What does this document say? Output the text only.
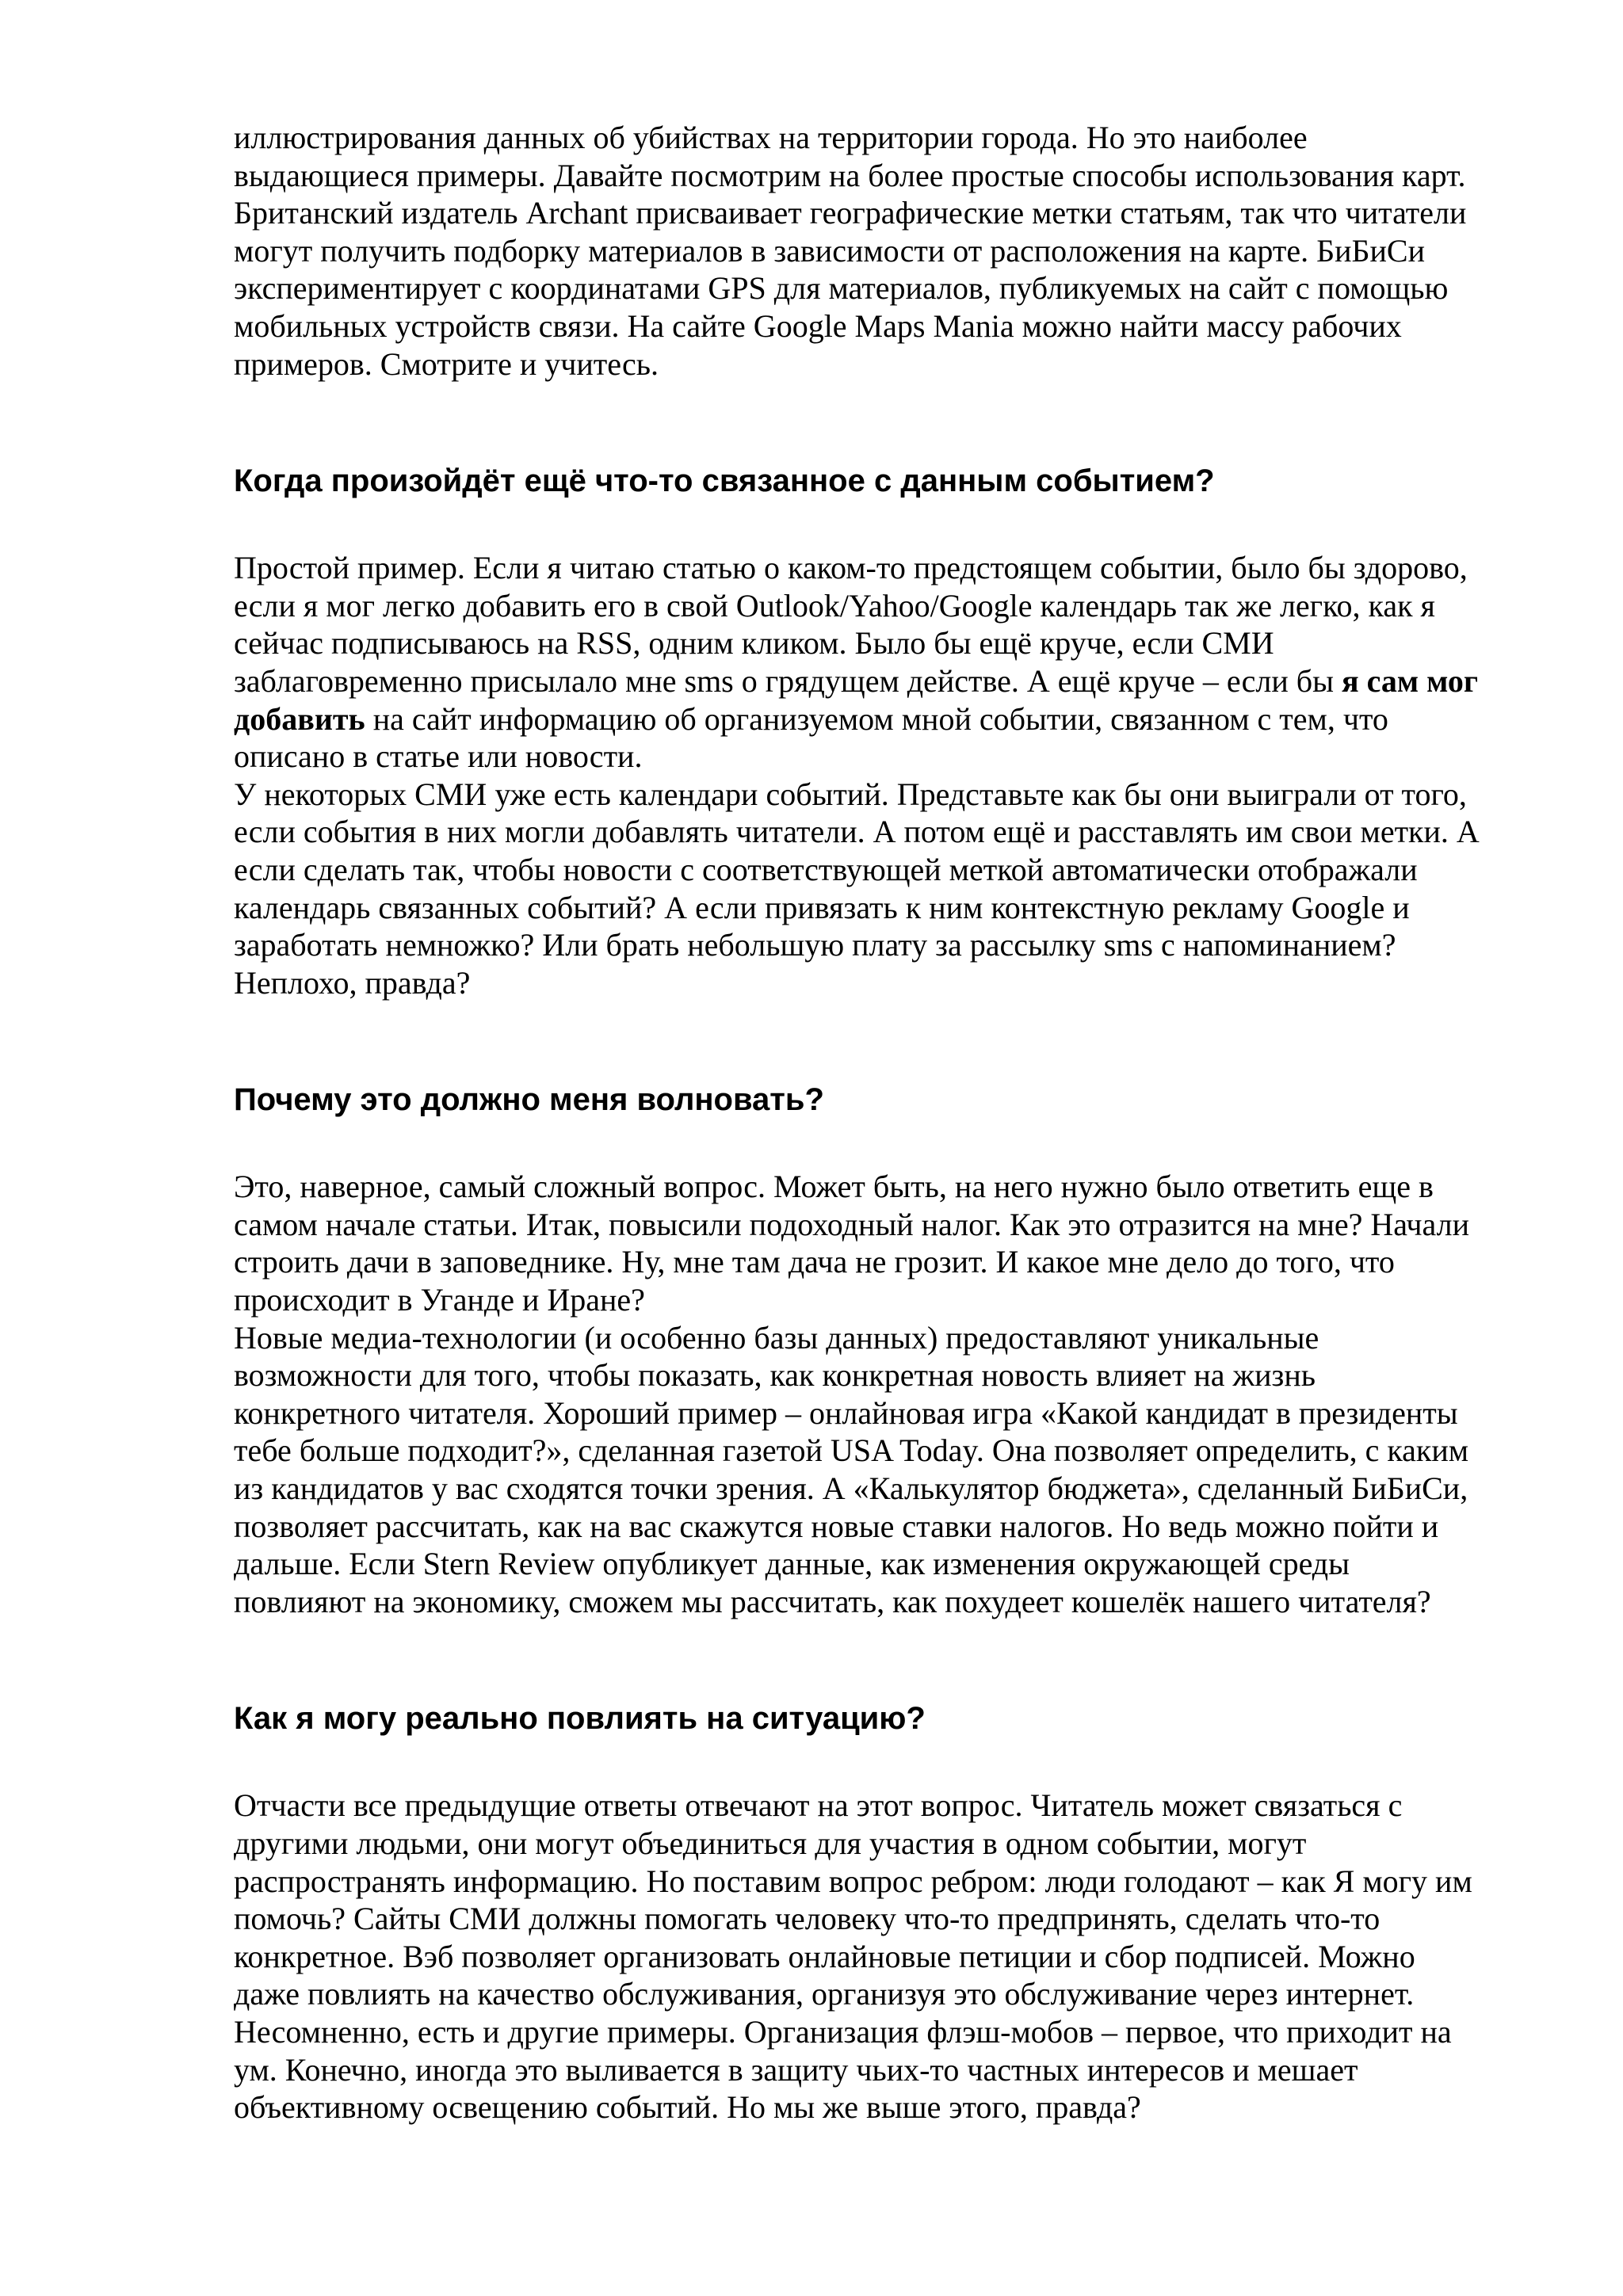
иллюстрирования данных об убийствах на территории города. Но это наиболее
выдающиеся примеры. Давайте посмотрим на более простые способы использования карт.
Британский издатель Archant присваивает географические метки статьям, так что читатели
могут получить подборку материалов в зависимости от расположения на карте. БиБиСи
экспериментирует с координатами GPS для материалов, публикуемых на сайт с помощью
мобильных устройств связи. На сайте Google Maps Mania можно найти массу рабочих
примеров. Смотрите и учитесь.

Когда произойдёт ещё что-то связанное с данным событием?

Простой пример. Если я читаю статью о каком-то предстоящем событии, было бы здорово,
если я мог легко добавить его в свой Outlook/Yahoo/Google календарь так же легко, как я
сейчас подписываюсь на RSS, одним кликом. Было бы ещё круче, если СМИ
заблаговременно присылало мне sms о грядущем действе. А ещё круче – если бы я сам мог
добавить на сайт информацию об организуемом мной событии, связанном с тем, что
описано в статье или новости.

У некоторых СМИ уже есть календари событий. Представьте как бы они выиграли от того,
если события в них могли добавлять читатели. А потом ещё и расставлять им свои метки. А
если сделать так, чтобы новости с соответствующей меткой автоматически отображали
календарь связанных событий? А если привязать к ним контекстную рекламу Google и
заработать немножко? Или брать небольшую плату за рассылку sms с напоминанием?
Неплохо, правда?

Почему это должно меня волновать?

Это, наверное, самый сложный вопрос. Может быть, на него нужно было ответить еще в
самом начале статьи. Итак, повысили подоходный налог. Как это отразится на мне? Начали
строить дачи в заповеднике. Ну, мне там дача не грозит. И какое мне дело до того, что
происходит в Уганде и Иране?

Новые медиа-технологии (и особенно базы данных) предоставляют уникальные
возможности для того, чтобы показать, как конкретная новость влияет на жизнь
конкретного читателя. Хороший пример – онлайновая игра «Какой кандидат в президенты
тебе больше подходит?», сделанная газетой USA Today. Она позволяет определить, с каким
из кандидатов у вас сходятся точки зрения. А «Калькулятор бюджета», сделанный БиБиСи,
позволяет рассчитать, как на вас скажутся новые ставки налогов. Но ведь можно пойти и
дальше. Если Stern Review опубликует данные, как изменения окружающей среды
повлияют на экономику, сможем мы рассчитать, как похудеет кошелёк нашего читателя?

Как я могу реально повлиять на ситуацию?

Отчасти все предыдущие ответы отвечают на этот вопрос. Читатель может связаться с
другими людьми, они могут объединиться для участия в одном событии, могут
распространять информацию. Но поставим вопрос ребром: люди голодают – как Я могу им
помочь? Сайты СМИ должны помогать человеку что-то предпринять, сделать что-то
конкретное. Вэб позволяет организовать онлайновые петиции и сбор подписей. Можно
даже повлиять на качество обслуживания, организуя это обслуживание через интернет.
Несомненно, есть и другие примеры. Организация флэш-мобов – первое, что приходит на
ум. Конечно, иногда это выливается в защиту чьих-то частных интересов и мешает
объективному освещению событий. Но мы же выше этого, правда?
